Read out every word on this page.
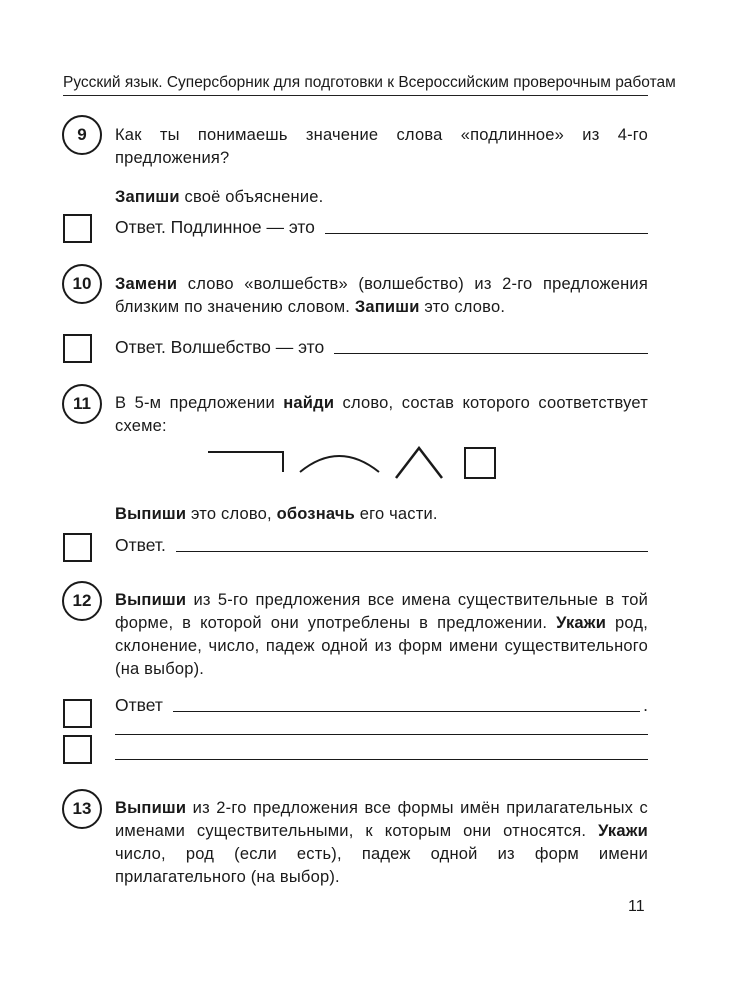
Русский язык. Суперсборник для подготовки к Всероссийским проверочным работам
9	Как ты понимаешь значение слова «подлинное» из 4-го предложения?
Запиши своё объяснение.
Ответ. Подлинное — это
10	Замени слово «волшебств» (волшебство) из 2-го предложения близким по значению словом. Запиши это слово.
Ответ. Волшебство — это
11	В 5-м предложении найди слово, состав которого соответствует схеме:
Выпиши это слово, обозначь его части.
Ответ.
12	Выпиши из 5-го предложения все имена существительные в той форме, в которой они употреблены в предложении. Укажи род, склонение, число, падеж одной из форм имени существительного (на выбор).
Ответ	.
13	Выпиши из 2-го предложения все формы имён прилагательных с именами существительными, к которым они относятся. Укажи число, род (если есть), падеж одной из форм имени прилагательного (на выбор).
11
